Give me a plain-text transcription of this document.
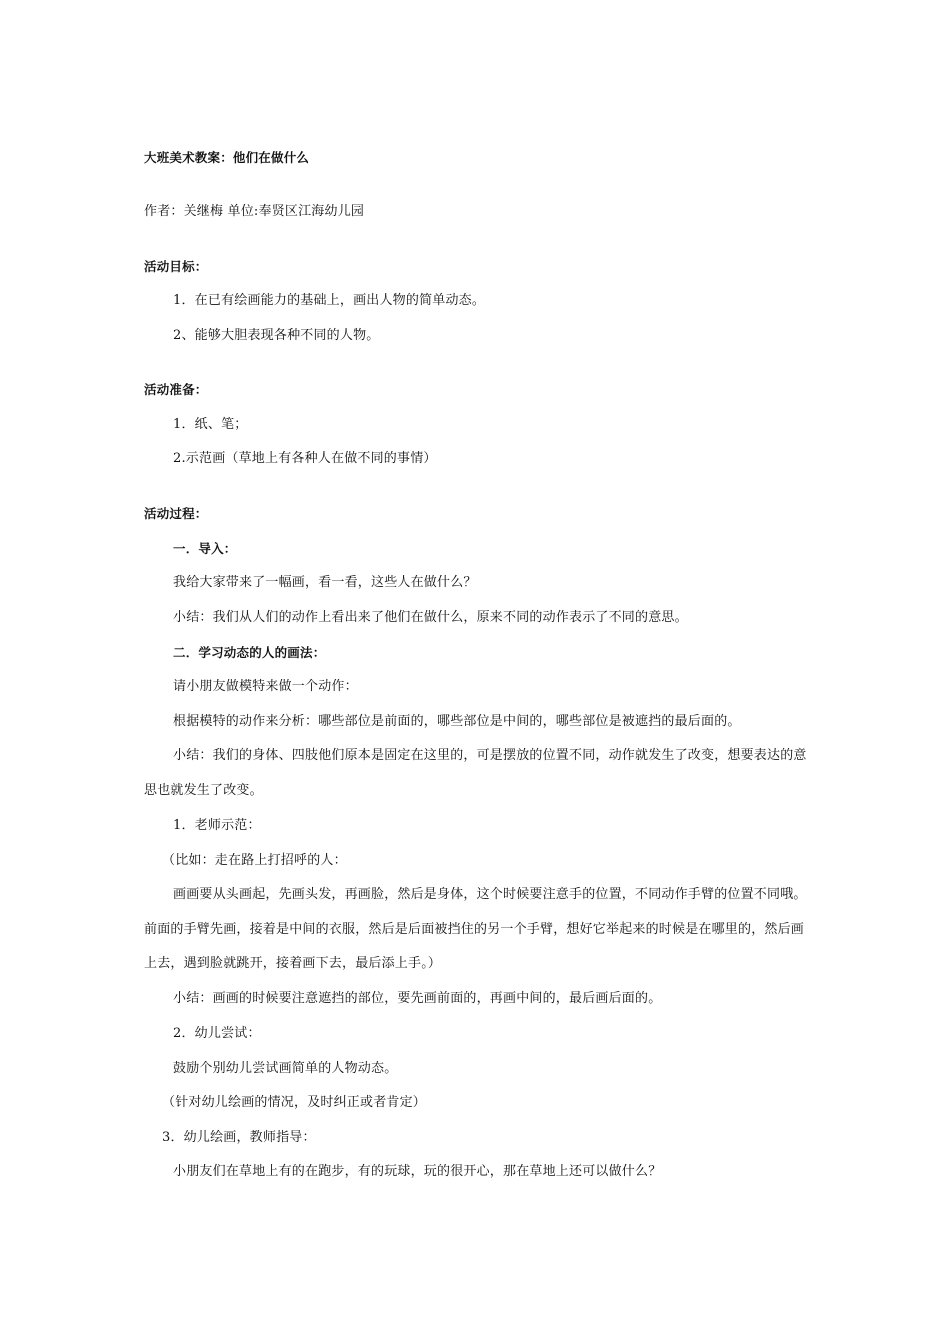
大班美术教案：他们在做什么
作者：关继梅 单位:奉贤区江海幼儿园
活动目标：
1．在已有绘画能力的基础上，画出人物的简单动态。
2、能够大胆表现各种不同的人物。
活动准备：
1．纸、笔；
2.示范画（草地上有各种人在做不同的事情）
活动过程：
一．导入：
我给大家带来了一幅画，看一看，这些人在做什么？
小结：我们从人们的动作上看出来了他们在做什么，原来不同的动作表示了不同的意思。
二．学习动态的人的画法：
请小朋友做模特来做一个动作：
根据模特的动作来分析：哪些部位是前面的，哪些部位是中间的，哪些部位是被遮挡的最后面的。
小结：我们的身体、四肢他们原本是固定在这里的，可是摆放的位置不同，动作就发生了改变，想要表达的意思也就发生了改变。
1．老师示范：
（比如：走在路上打招呼的人：
画画要从头画起，先画头发，再画脸，然后是身体，这个时候要注意手的位置，不同动作手臂的位置不同哦。前面的手臂先画，接着是中间的衣服，然后是后面被挡住的另一个手臂，想好它举起来的时候是在哪里的，然后画上去，遇到脸就跳开，接着画下去，最后添上手。）
小结：画画的时候要注意遮挡的部位，要先画前面的，再画中间的，最后画后面的。
2．幼儿尝试：
鼓励个别幼儿尝试画简单的人物动态。
（针对幼儿绘画的情况，及时纠正或者肯定）
3．幼儿绘画，教师指导：
小朋友们在草地上有的在跑步，有的玩球，玩的很开心，那在草地上还可以做什么？
